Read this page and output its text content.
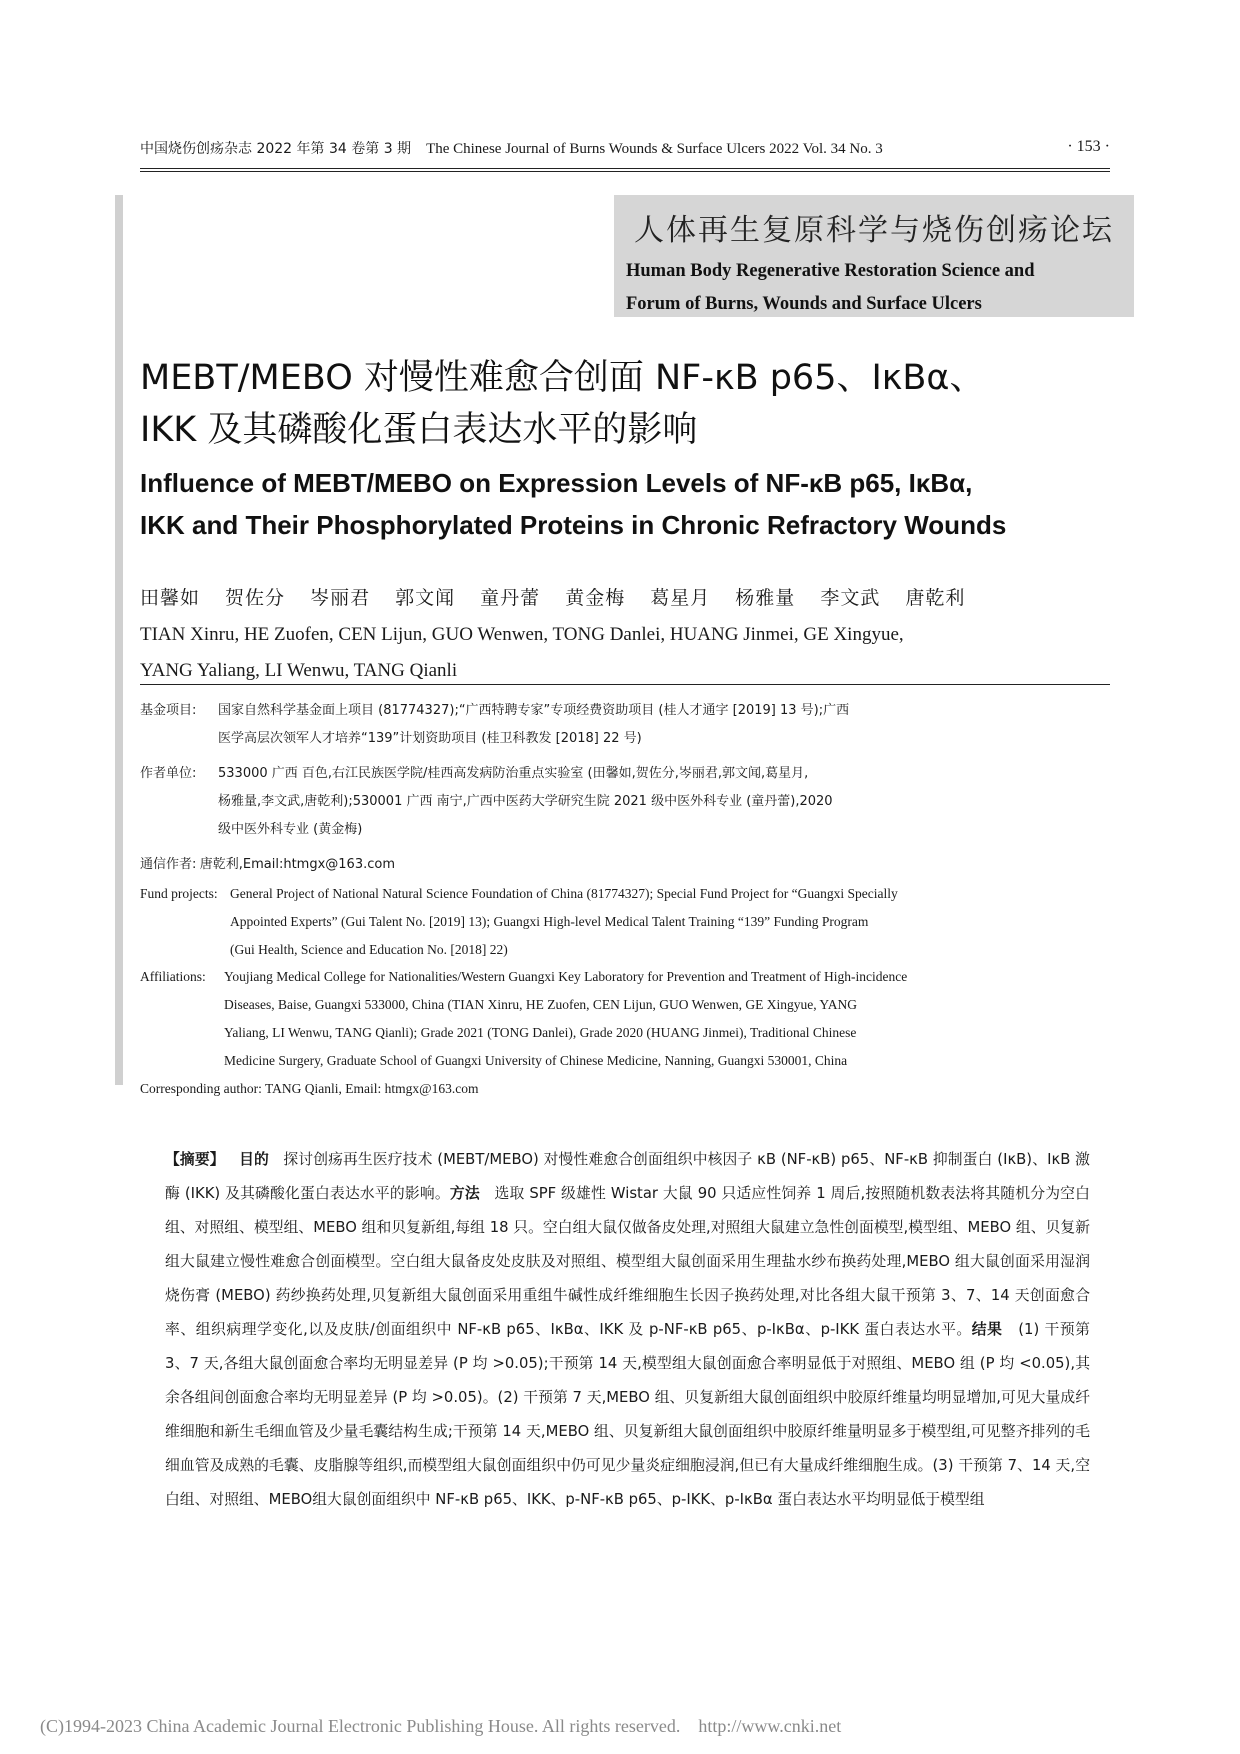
中国烧伤创疡杂志 2022 年第 34 卷第 3 期 The Chinese Journal of Burns Wounds & Surface Ulcers 2022 Vol. 34 No. 3	· 153 ·
人体再生复原科学与烧伤创疡论坛
Human Body Regenerative Restoration Science and
Forum of Burns, Wounds and Surface Ulcers
MEBT/MEBO 对慢性难愈合创面 NF-κB p65、IκBα、
IKK 及其磷酸化蛋白表达水平的影响
Influence of MEBT/MEBO on Expression Levels of NF-κB p65, IκBα,
IKK and Their Phosphorylated Proteins in Chronic Refractory Wounds
田馨如 贺佐分 岑丽君 郭文闻 童丹蕾 黄金梅 葛星月 杨雅量 李文武 唐乾利
TIAN Xinru, HE Zuofen, CEN Lijun, GUO Wenwen, TONG Danlei, HUANG Jinmei, GE Xingyue,
YANG Yaliang, LI Wenwu, TANG Qianli
基金项目:	国家自然科学基金面上项目 (81774327);“广西特聘专家”专项经费资助项目 (桂人才通字 [2019] 13 号);广西
医学高层次领军人才培养“139”计划资助项目 (桂卫科教发 [2018] 22 号)
作者单位:	533000 广西 百色,右江民族医学院/桂西高发病防治重点实验室 (田馨如,贺佐分,岑丽君,郭文闻,葛星月,
杨雅量,李文武,唐乾利);530001 广西 南宁,广西中医药大学研究生院 2021 级中医外科专业 (童丹蕾),2020
级中医外科专业 (黄金梅)
通信作者: 唐乾利,Email:htmgx@163.com
Fund projects: General Project of National Natural Science Foundation of China (81774327); Special Fund Project for “Guangxi Specially
Appointed Experts” (Gui Talent No. [2019] 13); Guangxi High-level Medical Talent Training “139” Funding Program
(Gui Health, Science and Education No. [2018] 22)
Affiliations:	Youjiang Medical College for Nationalities/Western Guangxi Key Laboratory for Prevention and Treatment of High-incidence
Diseases, Baise, Guangxi 533000, China (TIAN Xinru, HE Zuofen, CEN Lijun, GUO Wenwen, GE Xingyue, YANG
Yaliang, LI Wenwu, TANG Qianli); Grade 2021 (TONG Danlei), Grade 2020 (HUANG Jinmei), Traditional Chinese
Medicine Surgery, Graduate School of Guangxi University of Chinese Medicine, Nanning, Guangxi 530001, China
Corresponding author: TANG Qianli, Email: htmgx@163.com
【摘要】 目的 探讨创疡再生医疗技术 (MEBT/MEBO) 对慢性难愈合创面组织中核因子 κB (NF-κB) p65、NF-κB 抑制蛋白 (IκB)、IκB 激酶 (IKK) 及其磷酸化蛋白表达水平的影响。方法 选取 SPF 级雄性 Wistar 大鼠 90 只适应性饲养 1 周后,按照随机数表法将其随机分为空白组、对照组、模型组、MEBO 组和贝复新组,每组 18 只。空白组大鼠仅做备皮处理,对照组大鼠建立急性创面模型,模型组、MEBO 组、贝复新组大鼠建立慢性难愈合创面模型。空白组大鼠备皮处皮肤及对照组、模型组大鼠创面采用生理盐水纱布换药处理,MEBO 组大鼠创面采用湿润烧伤膏 (MEBO) 药纱换药处理,贝复新组大鼠创面采用重组牛碱性成纤维细胞生长因子换药处理,对比各组大鼠干预第 3、7、14 天创面愈合率、组织病理学变化,以及皮肤/创面组织中 NF-κB p65、IκBα、IKK 及 p-NF-κB p65、p-IκBα、p-IKK 蛋白表达水平。结果 (1) 干预第 3、7 天,各组大鼠创面愈合率均无明显差异 (P 均 >0.05);干预第 14 天,模型组大鼠创面愈合率明显低于对照组、MEBO 组 (P 均 <0.05),其余各组间创面愈合率均无明显差异 (P 均 >0.05)。(2) 干预第 7 天,MEBO 组、贝复新组大鼠创面组织中胶原纤维量均明显增加,可见大量成纤维细胞和新生毛细血管及少量毛囊结构生成;干预第 14 天,MEBO 组、贝复新组大鼠创面组织中胶原纤维量明显多于模型组,可见整齐排列的毛细血管及成熟的毛囊、皮脂腺等组织,而模型组大鼠创面组织中仍可见少量炎症细胞浸润,但已有大量成纤维细胞生成。(3) 干预第 7、14 天,空白组、对照组、MEBO组大鼠创面组织中 NF-κB p65、IKK、p-NF-κB p65、p-IKK、p-IκBα 蛋白表达水平均明显低于模型组
(C)1994-2023 China Academic Journal Electronic Publishing House. All rights reserved. http://www.cnki.net
